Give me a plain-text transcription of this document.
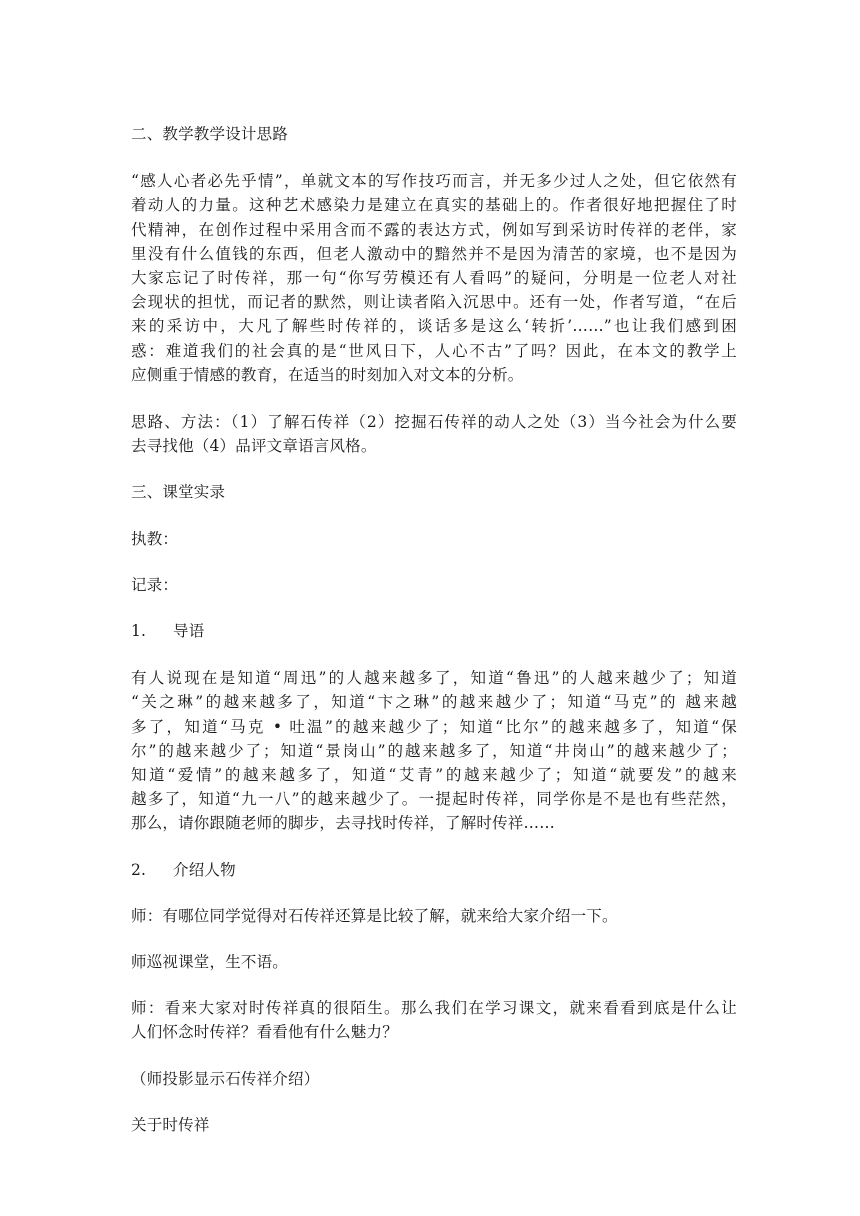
二、教学教学设计思路

“感人心者必先乎情”，单就文本的写作技巧而言，并无多少过人之处，但它依然有
着动人的力量。这种艺术感染力是建立在真实的基础上的。作者很好地把握住了时
代精神，在创作过程中采用含而不露的表达方式，例如写到采访时传祥的老伴，家
里没有什么值钱的东西，但老人激动中的黯然并不是因为清苦的家境，也不是因为
大家忘记了时传祥，那一句“你写劳模还有人看吗”的疑问，分明是一位老人对社
会现状的担忧，而记者的默然，则让读者陷入沉思中。还有一处，作者写道，“在后
来的采访中，大凡了解些时传祥的，谈话多是这么‘转折’……”也让我们感到困
惑：难道我们的社会真的是“世风日下，人心不古”了吗？因此，在本文的教学上
应侧重于情感的教育，在适当的时刻加入对文本的分析。

思路、方法：（1）了解石传祥（2）挖掘石传祥的动人之处（3）当今社会为什么要
去寻找他（4）品评文章语言风格。

三、课堂实录

执教：

记录：

1.	导语

有人说现在是知道“周迅”的人越来越多了，知道“鲁迅”的人越来越少了；知道
“关之琳”的越来越多了，知道“卞之琳”的越来越少了；知道“马克”的 越来越
多了，知道“马克 • 吐温”的越来越少了；知道“比尔”的越来越多了，知道“保
尔”的越来越少了；知道“景岗山”的越来越多了，知道“井岗山”的越来越少了；
知道“爱情”的越来越多了，知道“艾青”的越来越少了；知道“就要发”的越来
越多了，知道“九一八”的越来越少了。一提起时传祥，同学你是不是也有些茫然，
那么，请你跟随老师的脚步，去寻找时传祥，了解时传祥……

2.	介绍人物

师：有哪位同学觉得对石传祥还算是比较了解，就来给大家介绍一下。

师巡视课堂，生不语。

师：看来大家对时传祥真的很陌生。那么我们在学习课文，就来看看到底是什么让
人们怀念时传祥？看看他有什么魅力？

（师投影显示石传祥介绍）

关于时传祥
